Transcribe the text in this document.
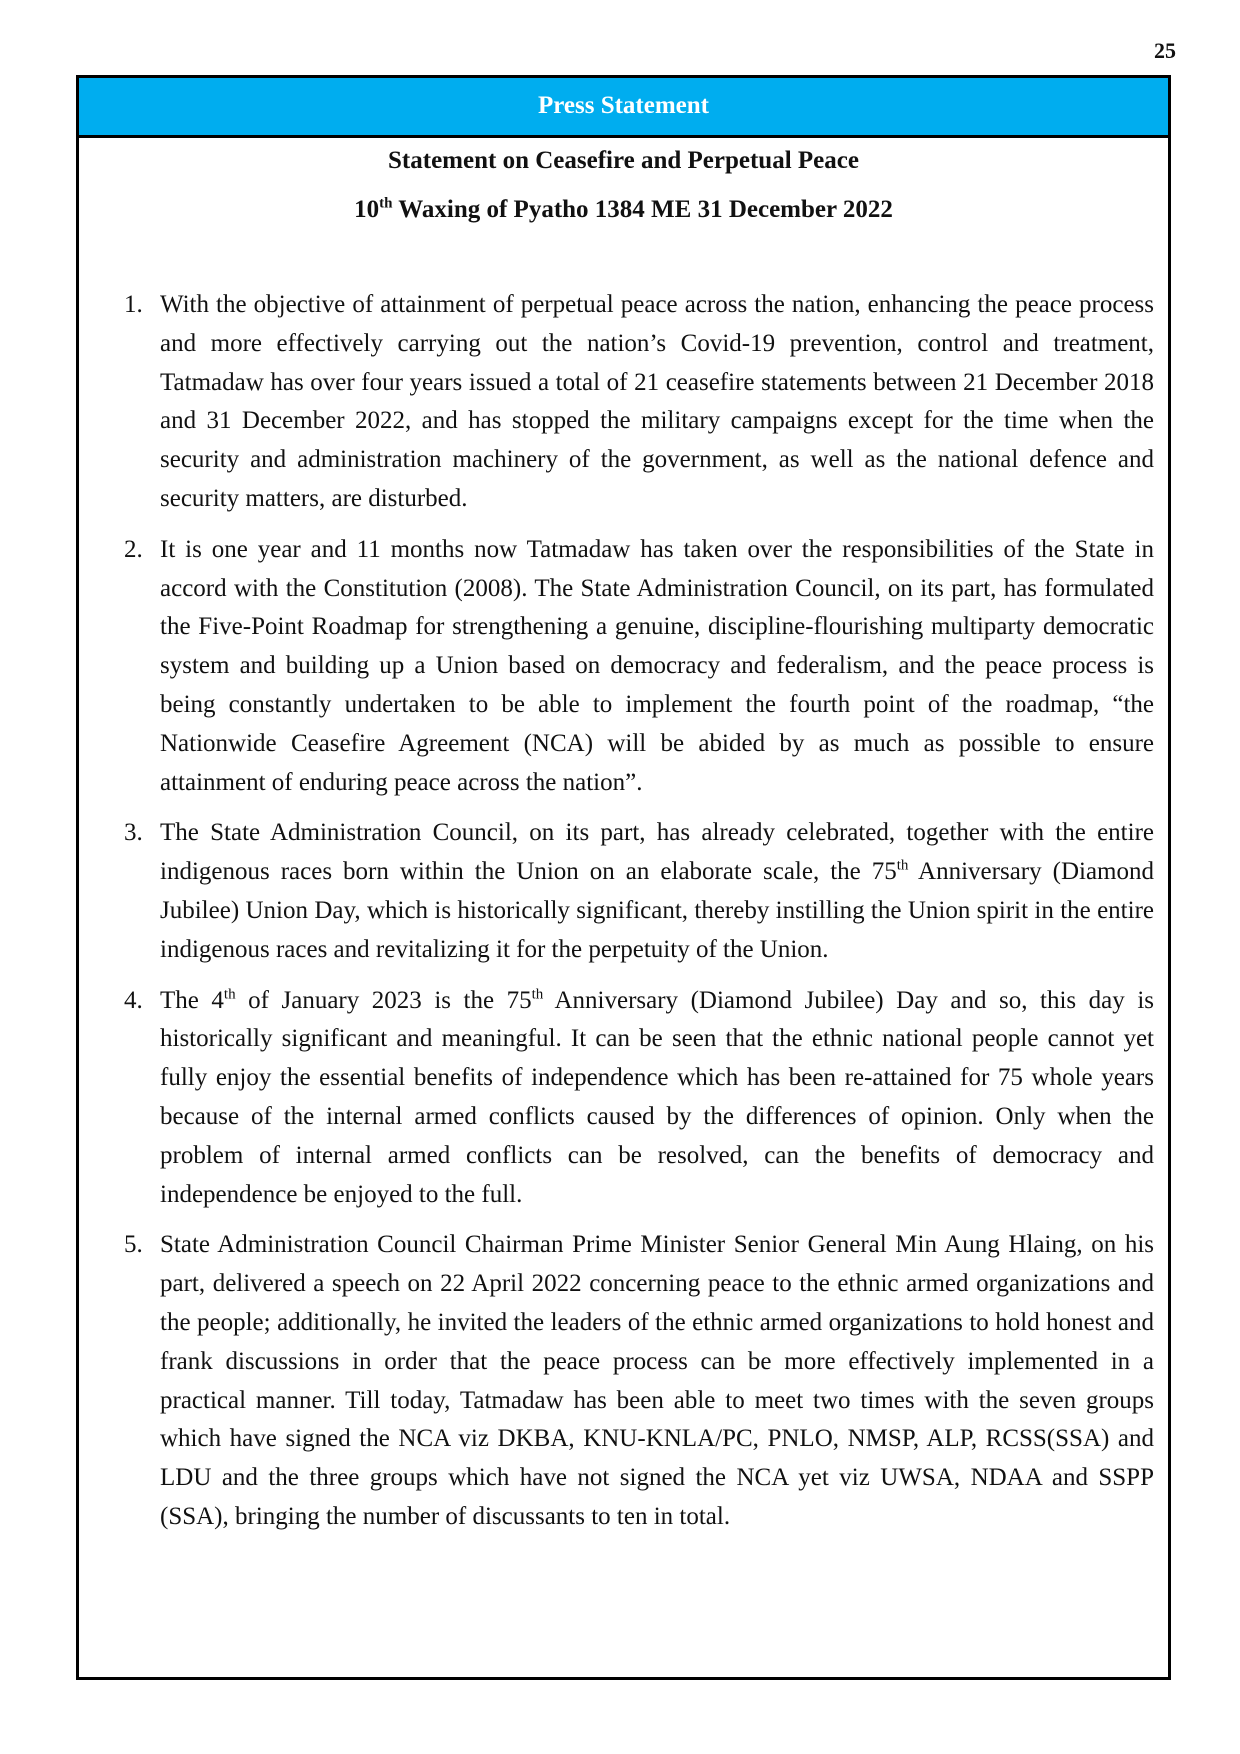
25
Press Statement
Statement on Ceasefire and Perpetual Peace
10th Waxing of Pyatho 1384 ME 31 December 2022
1. With the objective of attainment of perpetual peace across the nation, enhancing the peace process and more effectively carrying out the nation’s Covid-19 prevention, control and treatment, Tatmadaw has over four years issued a total of 21 ceasefire statements between 21 December 2018 and 31 December 2022, and has stopped the military campaigns except for the time when the security and administration machinery of the government, as well as the national defence and security matters, are disturbed.
2. It is one year and 11 months now Tatmadaw has taken over the responsibilities of the State in accord with the Constitution (2008). The State Administration Council, on its part, has formulated the Five-Point Roadmap for strengthening a genuine, discipline-flourishing multiparty democratic system and building up a Union based on democracy and federalism, and the peace process is being constantly undertaken to be able to implement the fourth point of the roadmap, “the Nationwide Ceasefire Agreement (NCA) will be abided by as much as possible to ensure attainment of enduring peace across the nation”.
3. The State Administration Council, on its part, has already celebrated, together with the entire indigenous races born within the Union on an elaborate scale, the 75th Anniversary (Diamond Jubilee) Union Day, which is historically significant, thereby instilling the Union spirit in the entire indigenous races and revitalizing it for the perpetuity of the Union.
4. The 4th of January 2023 is the 75th Anniversary (Diamond Jubilee) Day and so, this day is historically significant and meaningful. It can be seen that the ethnic national people cannot yet fully enjoy the essential benefits of independence which has been re-attained for 75 whole years because of the internal armed conflicts caused by the differences of opinion. Only when the problem of internal armed conflicts can be resolved, can the benefits of democracy and independence be enjoyed to the full.
5. State Administration Council Chairman Prime Minister Senior General Min Aung Hlaing, on his part, delivered a speech on 22 April 2022 concerning peace to the ethnic armed organizations and the people; additionally, he invited the leaders of the ethnic armed organizations to hold honest and frank discussions in order that the peace process can be more effectively implemented in a practical manner. Till today, Tatmadaw has been able to meet two times with the seven groups which have signed the NCA viz DKBA, KNU-KNLA/PC, PNLO, NMSP, ALP, RCSS(SSA) and LDU and the three groups which have not signed the NCA yet viz UWSA, NDAA and SSPP (SSA), bringing the number of discussants to ten in total.
